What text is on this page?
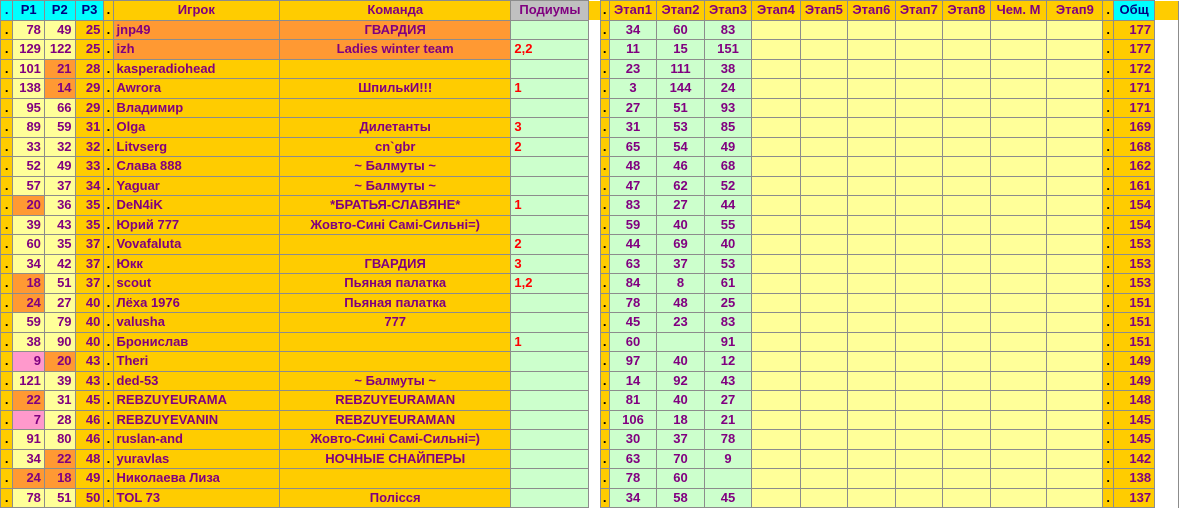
.	Р1	Р2	Р3	.	Игрок	Команда	Подиумы		.	Этап1	Этап2	Этап3	Этап4	Этап5	Этап6	Этап7	Этап8	Чем. М	Этап9	.	Общ	
.	78	49	25	.	jnp49	ГВАРДИЯ			.	34	60	83								.	177	
.	129	122	25	.	izh	Ladies winter team	2,2		.	11	15	151								.	177	
.	101	21	28	.	kasperadiohead				.	23	111	38								.	172	
.	138	14	29	.	Awrora	ШпилькИ!!!	1		.	3	144	24								.	171	
.	95	66	29	.	Владимир				.	27	51	93								.	171	
.	89	59	31	.	Olga	Дилетанты	3		.	31	53	85								.	169	
.	33	32	32	.	Litvserg	cn`gbr	2		.	65	54	49								.	168	
.	52	49	33	.	Слава 888	~ Балмуты ~			.	48	46	68								.	162	
.	57	37	34	.	Yaguar	~ Балмуты ~			.	47	62	52								.	161	
.	20	36	35	.	DeN4iK	*БРАТЬЯ-СЛАВЯНЕ*	1		.	83	27	44								.	154	
.	39	43	35	.	Юрий 777	Жовто-Сині Самі-Сильні=)			.	59	40	55								.	154	
.	60	35	37	.	Vovafaluta		2		.	44	69	40								.	153	
.	34	42	37	.	Юкк	ГВАРДИЯ	3		.	63	37	53								.	153	
.	18	51	37	.	scout	Пьяная палатка	1,2		.	84	8	61								.	153	
.	24	27	40	.	Лёха 1976	Пьяная палатка			.	78	48	25								.	151	
.	59	79	40	.	valusha	777			.	45	23	83								.	151	
.	38	90	40	.	Бронислав		1		.	60		91								.	151	
.	9	20	43	.	Theri				.	97	40	12								.	149	
.	121	39	43	.	ded-53	~ Балмуты ~			.	14	92	43								.	149	
.	22	31	45	.	REBZUYEURAMA	REBZUYEURAMAN			.	81	40	27								.	148	
.	7	28	46	.	REBZUYEVANIN	REBZUYEURAMAN			.	106	18	21								.	145	
.	91	80	46	.	ruslan-and	Жовто-Сині Самі-Сильні=)			.	30	37	78								.	145	
.	34	22	48	.	yuravlas	НОЧНЫЕ СНАЙПЕРЫ			.	63	70	9								.	142	
.	24	18	49	.	Николаева Лиза				.	78	60									.	138	
.	78	51	50	.	TOL 73	Полісся			.	34	58	45								.	137	
